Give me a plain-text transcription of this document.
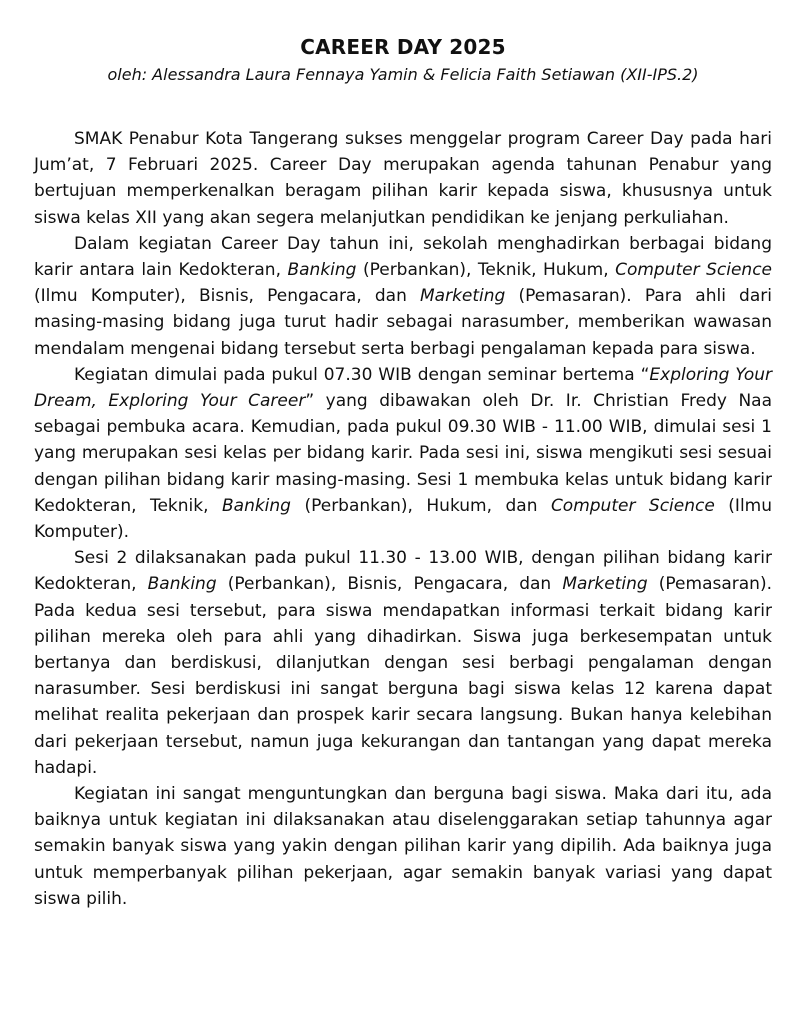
CAREER DAY 2025

oleh: Alessandra Laura Fennaya Yamin & Felicia Faith Setiawan (XII-IPS.2)

SMAK Penabur Kota Tangerang sukses menggelar program Career Day pada hari Jum’at, 7 Februari 2025. Career Day merupakan agenda tahunan Penabur yang bertujuan memperkenalkan beragam pilihan karir kepada siswa, khususnya untuk siswa kelas XII yang akan segera melanjutkan pendidikan ke jenjang perkuliahan.

Dalam kegiatan Career Day tahun ini, sekolah menghadirkan berbagai bidang karir antara lain Kedokteran, Banking (Perbankan), Teknik, Hukum, Computer Science (Ilmu Komputer), Bisnis, Pengacara, dan Marketing (Pemasaran). Para ahli dari masing-masing bidang juga turut hadir sebagai narasumber, memberikan wawasan mendalam mengenai bidang tersebut serta berbagi pengalaman kepada para siswa.

Kegiatan dimulai pada pukul 07.30 WIB dengan seminar bertema “Exploring Your Dream, Exploring Your Career” yang dibawakan oleh Dr. Ir. Christian Fredy Naa sebagai pembuka acara. Kemudian, pada pukul 09.30 WIB - 11.00 WIB, dimulai sesi 1 yang merupakan sesi kelas per bidang karir. Pada sesi ini, siswa mengikuti sesi sesuai dengan pilihan bidang karir masing-masing. Sesi 1 membuka kelas untuk bidang karir Kedokteran, Teknik, Banking (Perbankan), Hukum, dan Computer Science (Ilmu Komputer).

Sesi 2 dilaksanakan pada pukul 11.30 - 13.00 WIB, dengan pilihan bidang karir Kedokteran, Banking (Perbankan), Bisnis, Pengacara, dan Marketing (Pemasaran). Pada kedua sesi tersebut, para siswa mendapatkan informasi terkait bidang karir pilihan mereka oleh para ahli yang dihadirkan. Siswa juga berkesempatan untuk bertanya dan berdiskusi, dilanjutkan dengan sesi berbagi pengalaman dengan narasumber. Sesi berdiskusi ini sangat berguna bagi siswa kelas 12 karena dapat melihat realita pekerjaan dan prospek karir secara langsung. Bukan hanya kelebihan dari pekerjaan tersebut, namun juga kekurangan dan tantangan yang dapat mereka hadapi.

Kegiatan ini sangat menguntungkan dan berguna bagi siswa. Maka dari itu, ada baiknya untuk kegiatan ini dilaksanakan atau diselenggarakan setiap tahunnya agar semakin banyak siswa yang yakin dengan pilihan karir yang dipilih. Ada baiknya juga untuk memperbanyak pilihan pekerjaan, agar semakin banyak variasi yang dapat siswa pilih.
